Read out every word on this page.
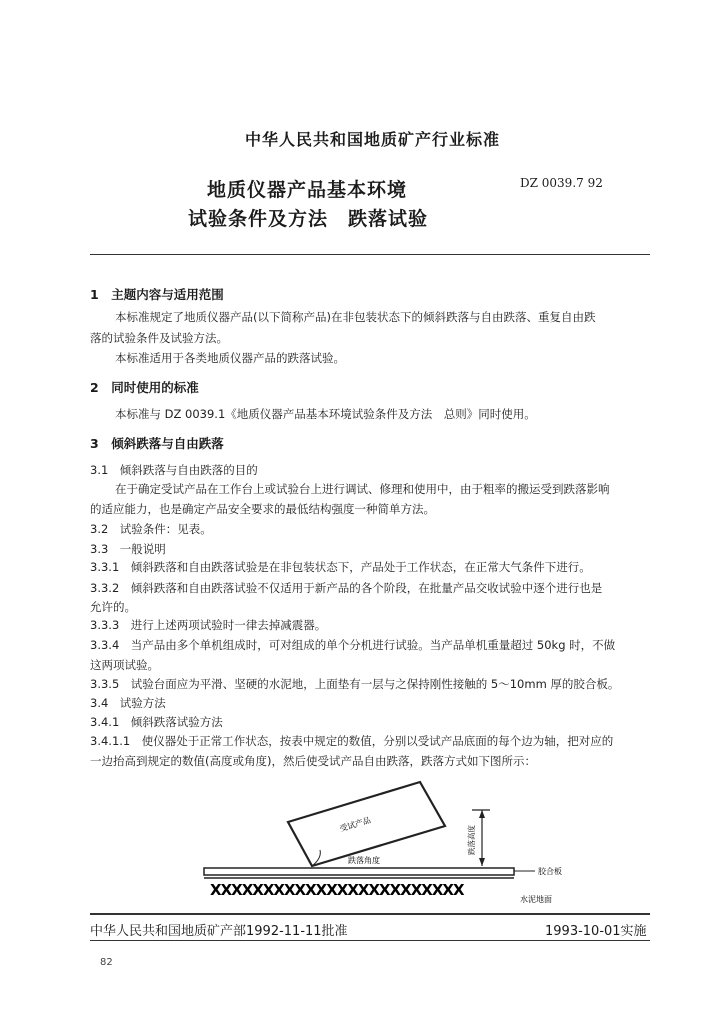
中华人民共和国地质矿产行业标准
地质仪器产品基本环境
试验条件及方法　跌落试验
DZ 0039.7 92
1　主题内容与适用范围
本标准规定了地质仪器产品(以下简称产品)在非包装状态下的倾斜跌落与自由跌落、重复自由跌
落的试验条件及试验方法。
本标准适用于各类地质仪器产品的跌落试验。
2　同时使用的标准
本标准与 DZ 0039.1《地质仪器产品基本环境试验条件及方法　总则》同时使用。
3　倾斜跌落与自由跌落
3.1　倾斜跌落与自由跌落的目的
在于确定受试产品在工作台上或试验台上进行调试、修理和使用中，由于粗率的搬运受到跌落影响
的适应能力，也是确定产品安全要求的最低结构强度一种简单方法。
3.2　试验条件：见表。
3.3　一般说明
3.3.1　倾斜跌落和自由跌落试验是在非包装状态下，产品处于工作状态，在正常大气条件下进行。
3.3.2　倾斜跌落和自由跌落试验不仅适用于新产品的各个阶段，在批量产品交收试验中逐个进行也是
允许的。
3.3.3　进行上述两项试验时一律去掉减震器。
3.3.4　当产品由多个单机组成时，可对组成的单个分机进行试验。当产品单机重量超过 50kg 时，不做
这两项试验。
3.3.5　试验台面应为平滑、坚硬的水泥地，上面垫有一层与之保持刚性接触的 5～10mm 厚的胶合板。
3.4　试验方法
3.4.1　倾斜跌落试验方法
3.4.1.1　使仪器处于正常工作状态，按表中规定的数值，分别以受试产品底面的每个边为轴，把对应的
一边抬高到规定的数值(高度或角度)，然后使受试产品自由跌落，跌落方式如下图所示：
受试产品
跌落高度
跌落角度
胶合板
XXXXXXXXXXXXXXXXXXXXXXXX
水泥地面
中华人民共和国地质矿产部1992-11-11批准	1993-10-01实施
82
